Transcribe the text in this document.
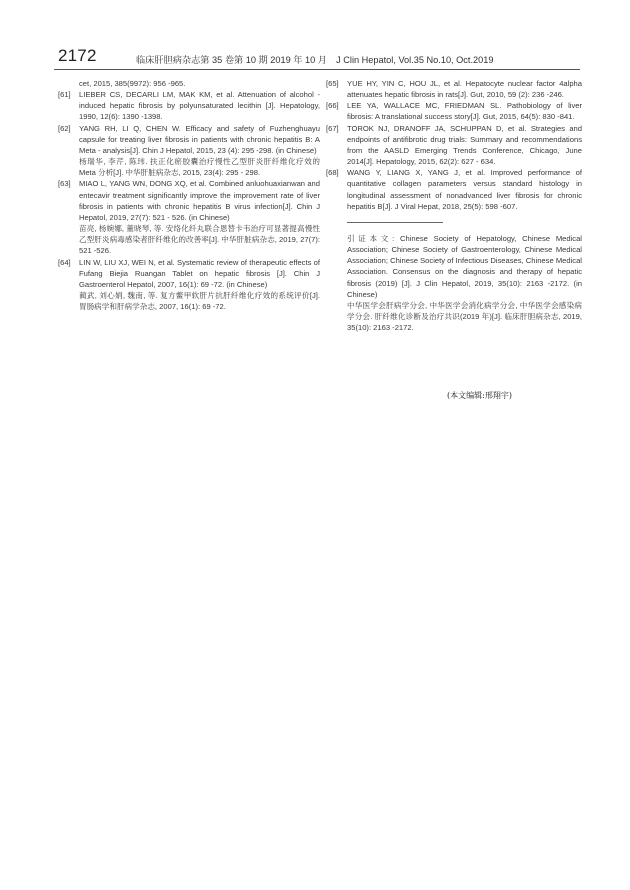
2172	临床肝胆病杂志第 35 卷第 10 期 2019 年 10 月　J Clin Hepatol, Vol.35 No.10, Oct.2019
cet, 2015, 385(9972): 956 -965.
[61] LIEBER CS, DECARLI LM, MAK KM, et al. Attenuation of alcohol - induced hepatic fibrosis by polyunsaturated lecithin [J]. Hepatology, 1990, 12(6): 1390 -1398.

[62] YANG RH, LI Q, CHEN W. Efficacy and safety of Fuzhenghuayu capsule for treating liver fibrosis in patients with chronic hepatitis B: A Meta - analysis[J]. Chin J Hepatol, 2015, 23 (4): 295 -298. (in Chinese)

杨瑞华, 李芹, 陈玮. 扶正化瘀胶囊治疗慢性乙型肝炎肝纤维化疗效的 Meta 分析[J]. 中华肝脏病杂志, 2015, 23(4): 295 - 298.

[63] MIAO L, YANG WN, DONG XQ, et al. Combined anluohuaxianwan and entecavir treatment significantly improve the improvement rate of liver fibrosis in patients with chronic hepatitis B virus infection[J]. Chin J Hepatol, 2019, 27(7): 521 - 526. (in Chinese)

苗亮, 杨婉娜, 董晓琴, 等. 安络化纤丸联合恩替卡韦治疗可显著提高慢性乙型肝炎病毒感染者肝纤维化的改善率[J]. 中华肝脏病杂志, 2019, 27(7): 521 -526.

[64] LIN W, LIU XJ, WEI N, et al. Systematic review of therapeutic effects of Fufang Biejia Ruangan Tablet on hepatic fibrosis [J]. Chin J Gastroenterol Hepatol, 2007, 16(1): 69 -72. (in Chinese)

蔺武, 刘心娟, 魏南, 等. 复方鳖甲软肝片抗肝纤维化疗效的系统评价[J]. 胃肠病学和肝病学杂志, 2007, 16(1): 69 -72.

[65] YUE HY, YIN C, HOU JL, et al. Hepatocyte nuclear factor 4alpha attenuates hepatic fibrosis in rats[J]. Gut, 2010, 59 (2): 236 -246.

[66] LEE YA, WALLACE MC, FRIEDMAN SL. Pathobiology of liver fibrosis: A translational success story[J]. Gut, 2015, 64(5): 830 -841.

[67] TOROK NJ, DRANOFF JA, SCHUPPAN D, et al. Strategies and endpoints of antifibrotic drug trials: Summary and recommendations from the AASLD Emerging Trends Conference, Chicago, June 2014[J]. Hepatology, 2015, 62(2): 627 - 634.

[68] WANG Y, LIANG X, YANG J, et al. Improved performance of quantitative collagen parameters versus standard histology in longitudinal assessment of nonadvanced liver fibrosis for chronic hepatitis B[J]. J Viral Hepat, 2018, 25(5): 598 -607.

引证本文: Chinese Society of Hepatology, Chinese Medical Association; Chinese Society of Gastroenterology, Chinese Medical Association; Chinese Society of Infectious Diseases, Chinese Medical Association. Consensus on the diagnosis and therapy of hepatic fibrosis (2019) [J]. J Clin Hepatol, 2019, 35(10): 2163 -2172. (in Chinese)
中华医学会肝病学分会, 中华医学会消化病学分会, 中华医学会感染病学分会. 肝纤维化诊断及治疗共识(2019 年)[J]. 临床肝胆病杂志, 2019, 35(10): 2163 -2172.
(本文编辑:邢翔宇)
